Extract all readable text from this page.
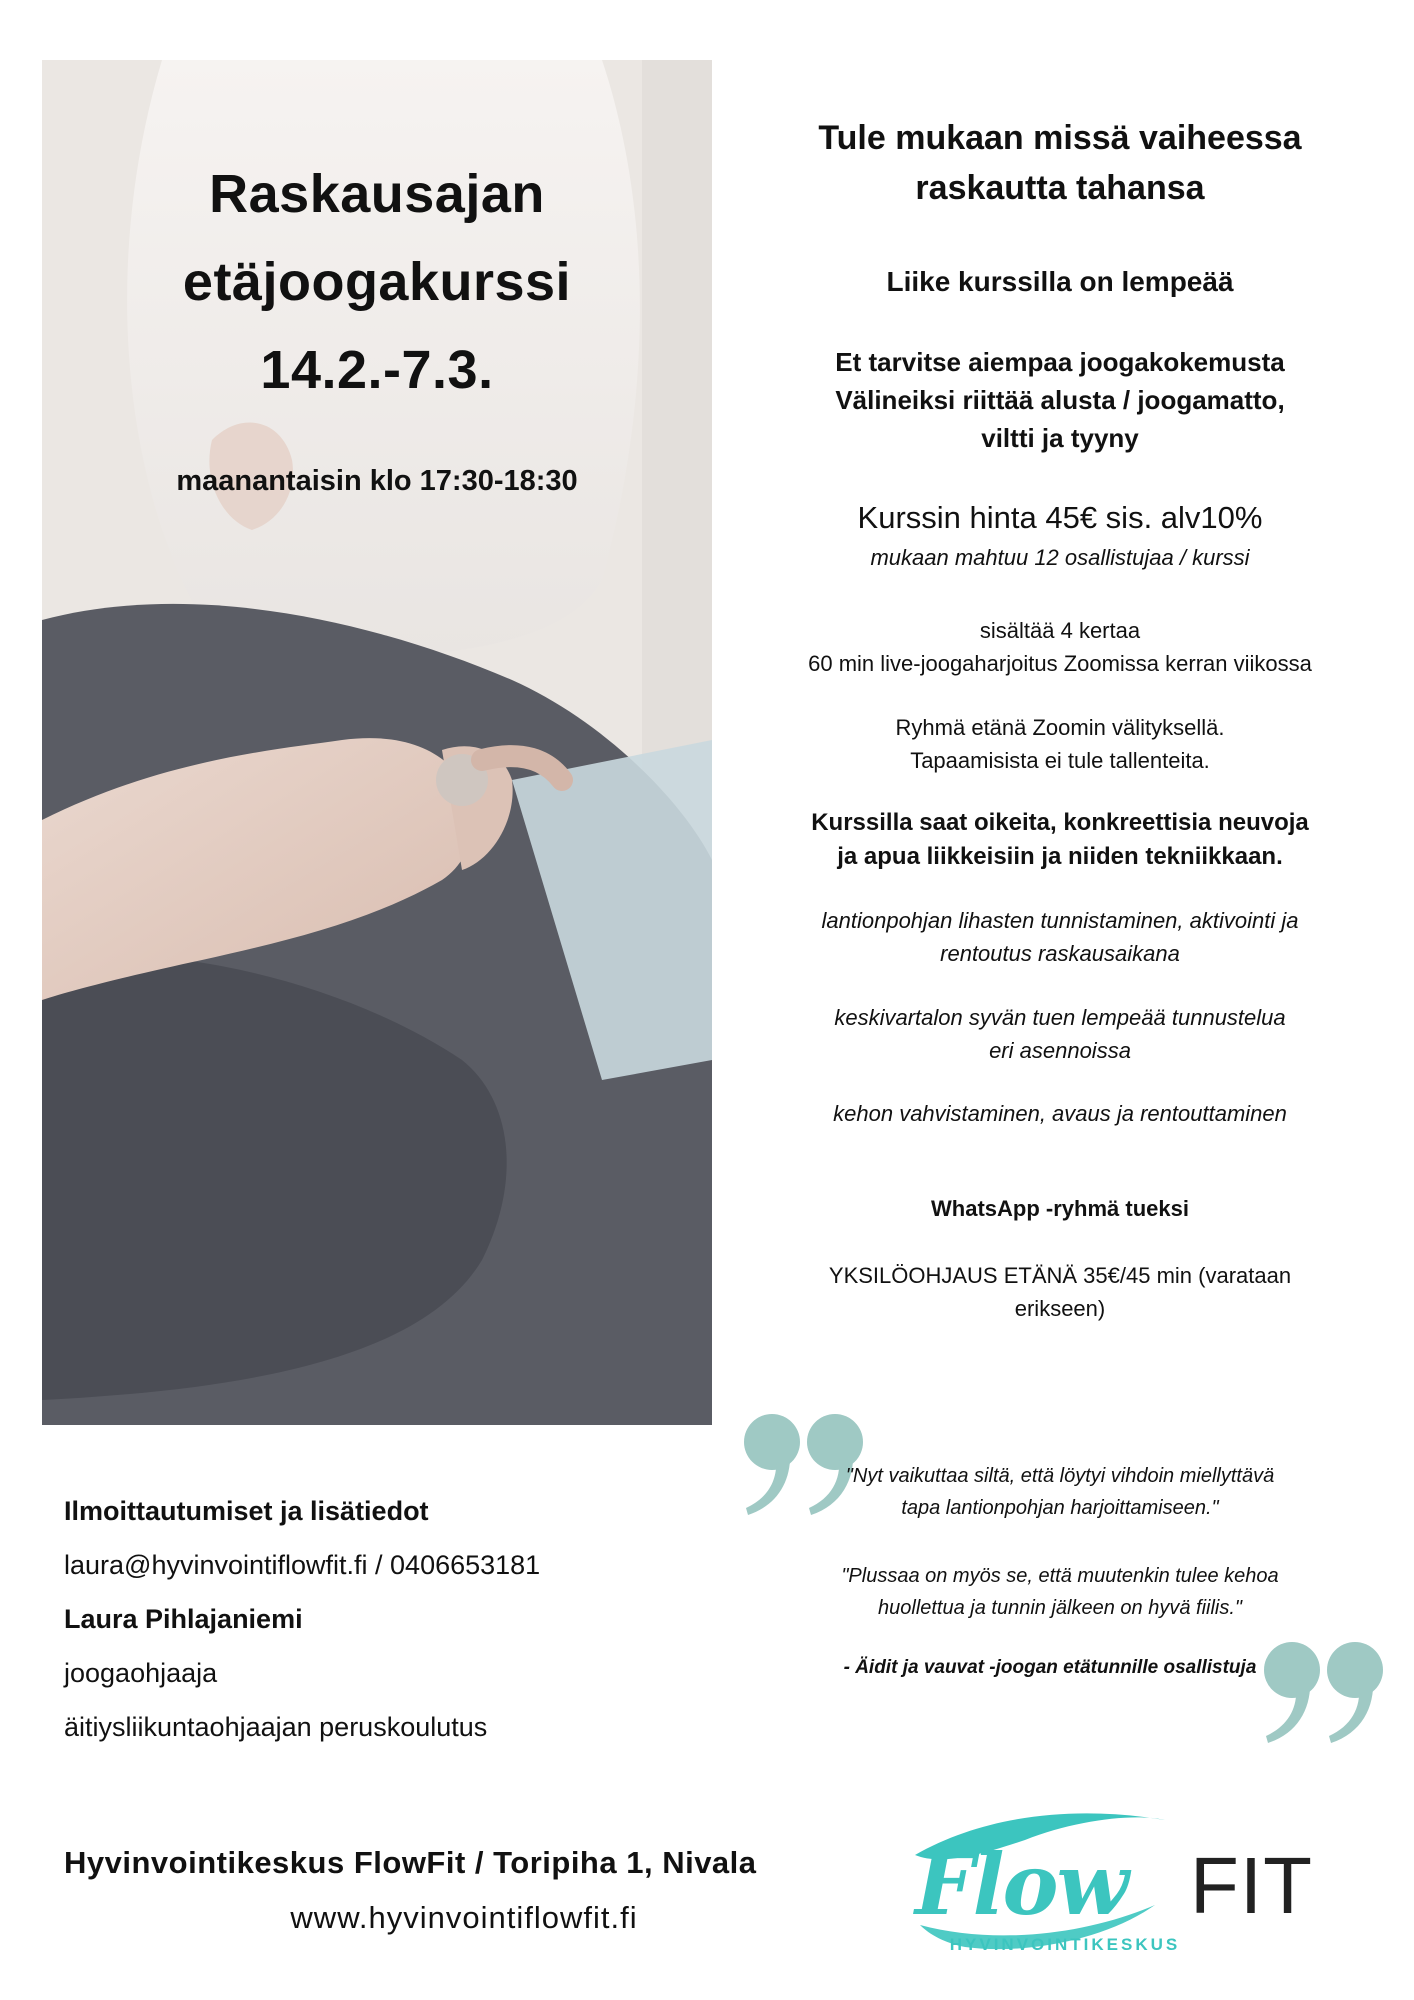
Raskausajan
etäjoogakurssi
14.2.-7.3.
maanantaisin klo 17:30-18:30
Tule mukaan missä vaiheessa
raskautta tahansa
Liike kurssilla on lempeää
Et tarvitse aiempaa joogakokemusta
Välineiksi riittää alusta / joogamatto,
viltti ja tyyny
Kurssin hinta 45€ sis. alv10%
mukaan mahtuu 12 osallistujaa / kurssi
sisältää 4 kertaa
60 min live-joogaharjoitus Zoomissa kerran viikossa
Ryhmä etänä Zoomin välityksellä.
Tapaamisista ei tule tallenteita.
Kurssilla saat oikeita, konkreettisia neuvoja
ja apua liikkeisiin ja niiden tekniikkaan.
lantionpohjan lihasten tunnistaminen, aktivointi ja
rentoutus raskausaikana
keskivartalon syvän tuen lempeää tunnustelua
eri asennoissa
kehon vahvistaminen, avaus ja rentouttaminen
WhatsApp -ryhmä tueksi
YKSILÖOHJAUS ETÄNÄ 35€/45 min (varataan
erikseen)
"Nyt vaikuttaa siltä, että löytyi vihdoin miellyttävä
tapa lantionpohjan harjoittamiseen."
"Plussaa on myös se, että muutenkin tulee kehoa
huollettua ja tunnin jälkeen on hyvä fiilis."
- Äidit ja vauvat -joogan etätunnille osallistuja
Ilmoittautumiset ja lisätiedot
laura@hyvinvointiflowfit.fi / 0406653181
Laura Pihlajaniemi
joogaohjaaja
äitiysliikuntaohjaajan peruskoulutus
Hyvinvointikeskus FlowFit / Toripiha 1, Nivala
www.hyvinvointiflowfit.fi	Flow FIT
HYVINVOINTIKESKUS
